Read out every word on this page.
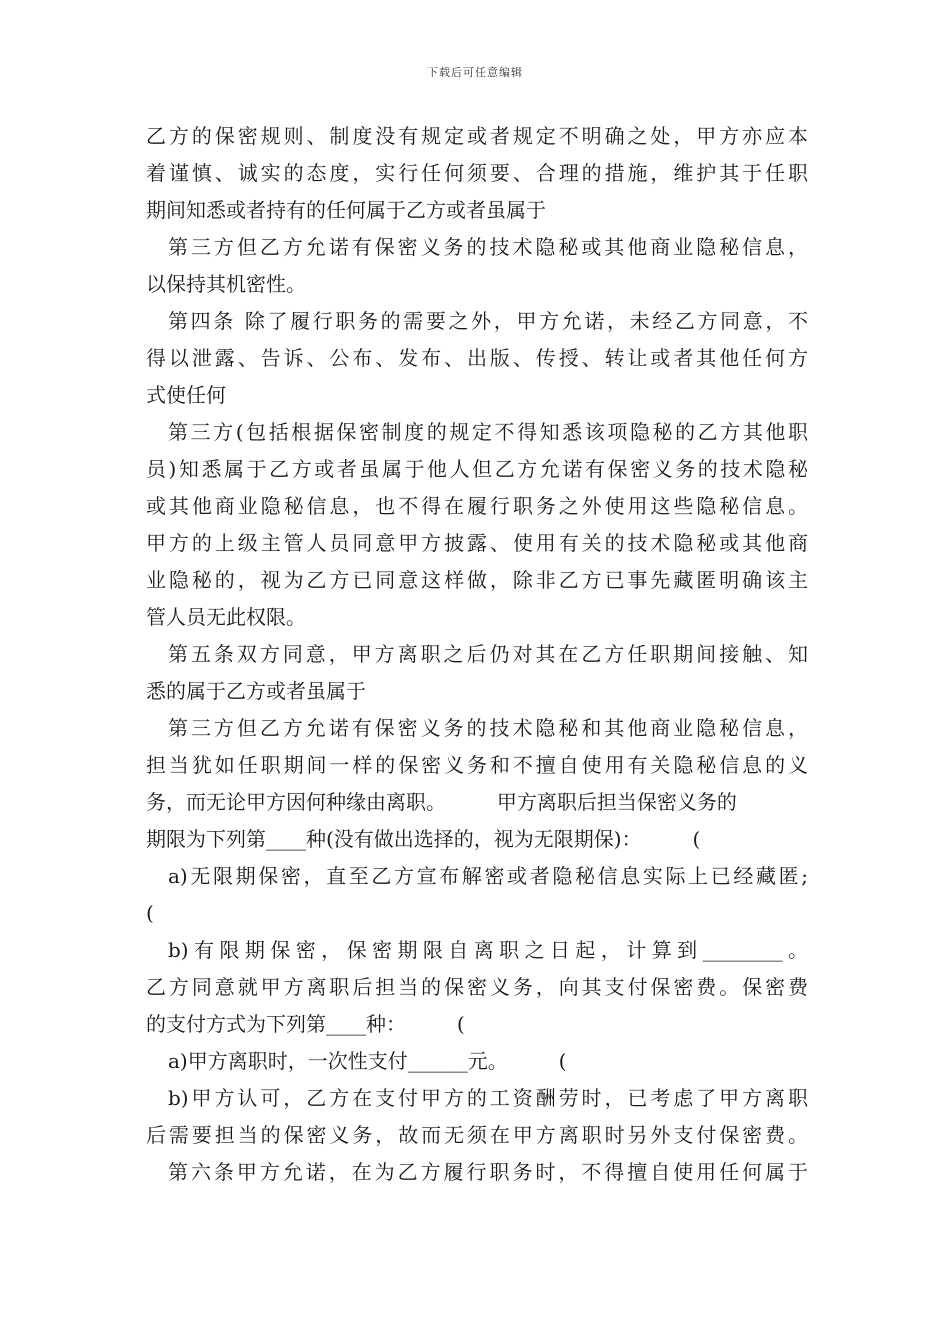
下载后可任意编辑
乙方的保密规则、制度没有规定或者规定不明确之处，甲方亦应本
着谨慎、诚实的态度，实行任何须要、合理的措施，维护其于任职
期间知悉或者持有的任何属于乙方或者虽属于
第三方但乙方允诺有保密义务的技术隐秘或其他商业隐秘信息，
以保持其机密性。
第四条 除了履行职务的需要之外，甲方允诺，未经乙方同意，不
得以泄露、告诉、公布、发布、出版、传授、转让或者其他任何方
式使任何
第三方(包括根据保密制度的规定不得知悉该项隐秘的乙方其他职
员)知悉属于乙方或者虽属于他人但乙方允诺有保密义务的技术隐秘
或其他商业隐秘信息，也不得在履行职务之外使用这些隐秘信息。
甲方的上级主管人员同意甲方披露、使用有关的技术隐秘或其他商
业隐秘的，视为乙方已同意这样做，除非乙方已事先藏匿明确该主
管人员无此权限。
第五条双方同意，甲方离职之后仍对其在乙方任职期间接触、知
悉的属于乙方或者虽属于
第三方但乙方允诺有保密义务的技术隐秘和其他商业隐秘信息，
担当犹如任职期间一样的保密义务和不擅自使用有关隐秘信息的义
务，而无论甲方因何种缘由离职。        甲方离职后担当保密义务的
期限为下列第____种(没有做出选择的，视为无限期保)：        (
a)无限期保密，直至乙方宣布解密或者隐秘信息实际上已经藏匿;
(
b)有限期保密，保密期限自离职之日起，计算到________。
乙方同意就甲方离职后担当的保密义务，向其支付保密费。保密费
的支付方式为下列第____种：        (
a)甲方离职时，一次性支付______元。        (
b)甲方认可，乙方在支付甲方的工资酬劳时，已考虑了甲方离职
后需要担当的保密义务，故而无须在甲方离职时另外支付保密费。
第六条甲方允诺，在为乙方履行职务时，不得擅自使用任何属于
